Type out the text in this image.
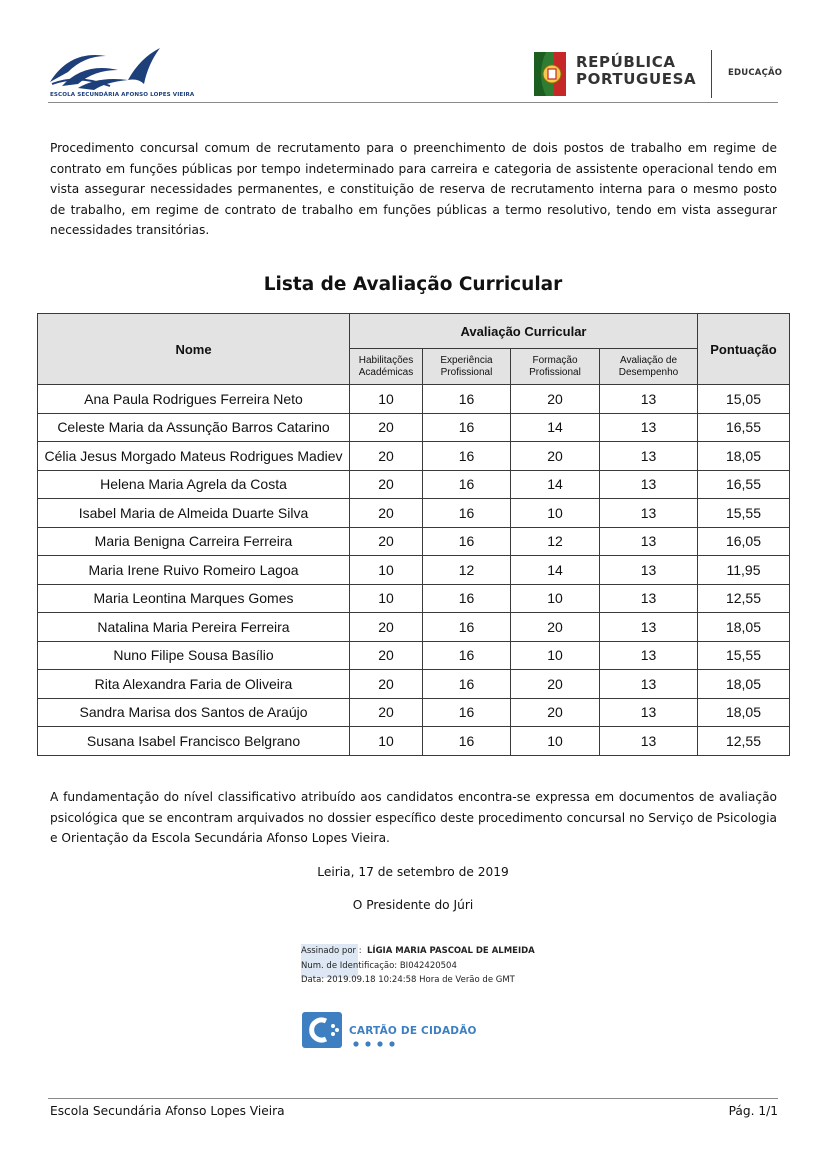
ESCOLA SECUNDÁRIA AFONSO LOPES VIEIRA
REPÚBLICA
PORTUGUESA	EDUCAÇÃO
Procedimento concursal comum de recrutamento para o preenchimento de dois postos de trabalho em regime de contrato em funções públicas por tempo indeterminado para carreira e categoria de assistente operacional tendo em vista assegurar necessidades permanentes, e constituição de reserva de recrutamento interna para o mesmo posto de trabalho, em regime de contrato de trabalho em funções públicas a termo resolutivo, tendo em vista assegurar necessidades transitórias.
Lista de Avaliação Curricular
Nome	Avaliação Curricular				Pontuação
	Habilitações Académicas	Experiência Profissional	Formação Profissional	Avaliação de Desempenho	
Ana Paula Rodrigues Ferreira Neto	10	16	20	13	15,05
Celeste Maria da Assunção Barros Catarino	20	16	14	13	16,55
Célia Jesus Morgado Mateus Rodrigues Madiev	20	16	20	13	18,05
Helena Maria Agrela da Costa	20	16	14	13	16,55
Isabel Maria de Almeida Duarte Silva	20	16	10	13	15,55
Maria Benigna Carreira Ferreira	20	16	12	13	16,05
Maria Irene Ruivo Romeiro Lagoa	10	12	14	13	11,95
Maria Leontina Marques Gomes	10	16	10	13	12,55
Natalina Maria Pereira Ferreira	20	16	20	13	18,05
Nuno Filipe Sousa Basílio	20	16	10	13	15,55
Rita Alexandra Faria de Oliveira	20	16	20	13	18,05
Sandra Marisa dos Santos de Araújo	20	16	20	13	18,05
Susana Isabel Francisco Belgrano	10	16	10	13	12,55
A fundamentação do nível classificativo atribuído aos candidatos encontra-se expressa em documentos de avaliação psicológica que se encontram arquivados no dossier específico deste procedimento concursal no Serviço de Psicologia e Orientação da Escola Secundária Afonso Lopes Vieira.
Leiria, 17 de setembro de 2019
O Presidente do Júri
Assinado por : LÍGIA MARIA PASCOAL DE ALMEIDA
Num. de Identificação: BI042420504
Data: 2019.09.18 10:24:58 Hora de Verão de GMT
CARTÃO DE CIDADÃO
Escola Secundária Afonso Lopes Vieira	Pág. 1/1
